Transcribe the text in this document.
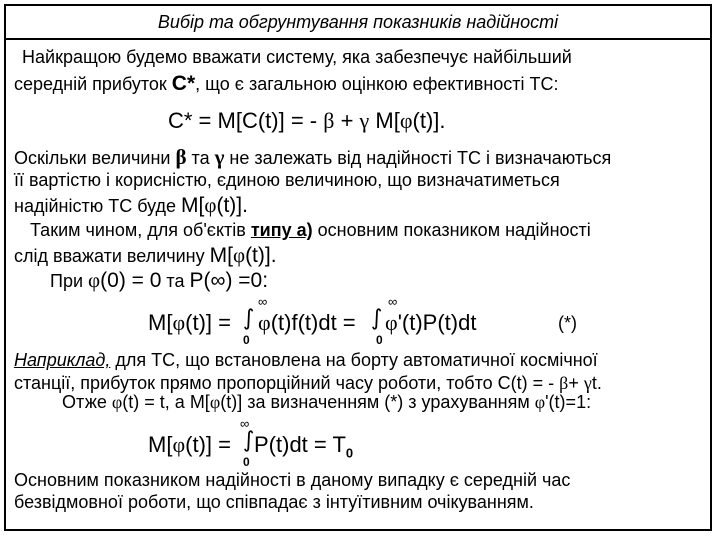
Вибір та обгрунтування показників надійності
Найкращою будемо вважати систему, яка забезпечує найбільший
середній прибуток С*, що є загальною оцінкою ефективності ТС:
С* = M[C(t)] = - β + γ M[φ(t)].
Оскільки величини β та γ не залежать від надійності ТС і визначаються
її вартістю і корисністю, єдиною величиною, що визначатиметься
надійністю ТС буде M[φ(t)].
Таким чином, для об'єктів типу а) основним показником надійності
слід вважати величину M[φ(t)].
При φ(0) = 0 та P(∞) =0:
M[φ(t)] = ∫
∞
0
φ(t)f(t)dt = ∫
∞
0
φ'(t)P(t)dt	(*)
Наприклад, для ТС, що встановлена на борту автоматичної космічної
станції, прибуток прямо пропорційний часу роботи, тобто C(t) = - β+ γt.
Отже φ(t) = t, а M[φ(t)] за визначенням (*) з урахуванням φ'(t)=1:
M[φ(t)] = ∫
∞
0
$P(t)dt = T_0$
Основним показником надійності в даному випадку є середній час
безвідмовної роботи, що співпадає з інтуїтивним очікуванням.
